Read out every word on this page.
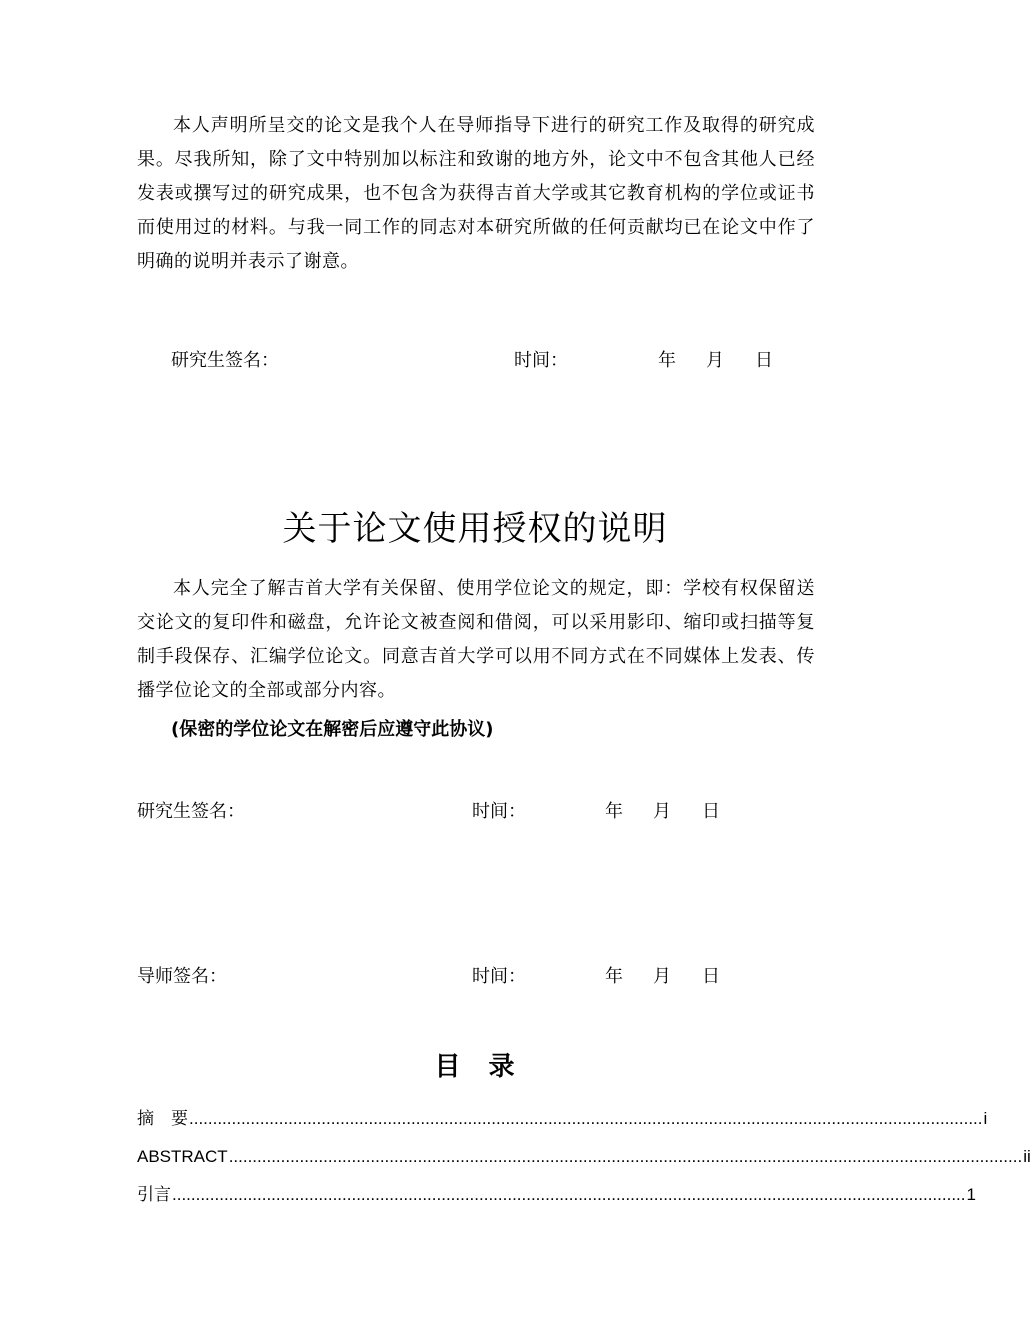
本人声明所呈交的论文是我个人在导师指导下进行的研究工作及取得的研究成果。尽我所知，除了文中特别加以标注和致谢的地方外，论文中不包含其他人已经发表或撰写过的研究成果，也不包含为获得吉首大学或其它教育机构的学位或证书而使用过的材料。与我一同工作的同志对本研究所做的任何贡献均已在论文中作了明确的说明并表示了谢意。
研究生签名：	时间：	年 月 日
关于论文使用授权的说明
本人完全了解吉首大学有关保留、使用学位论文的规定，即：学校有权保留送交论文的复印件和磁盘，允许论文被查阅和借阅，可以采用影印、缩印或扫描等复制手段保存、汇编学位论文。同意吉首大学可以用不同方式在不同媒体上发表、传播学位论文的全部或部分内容。
(保密的学位论文在解密后应遵守此协议)
研究生签名：	时间：	年 月 日
导师签名：	时间：	年 月 日
目　录
摘　要 ........................................................................................................................................................................ i
ABSTRACT ........................................................................................................................................................................ ii
引言 ........................................................................................................................................................................ 1
